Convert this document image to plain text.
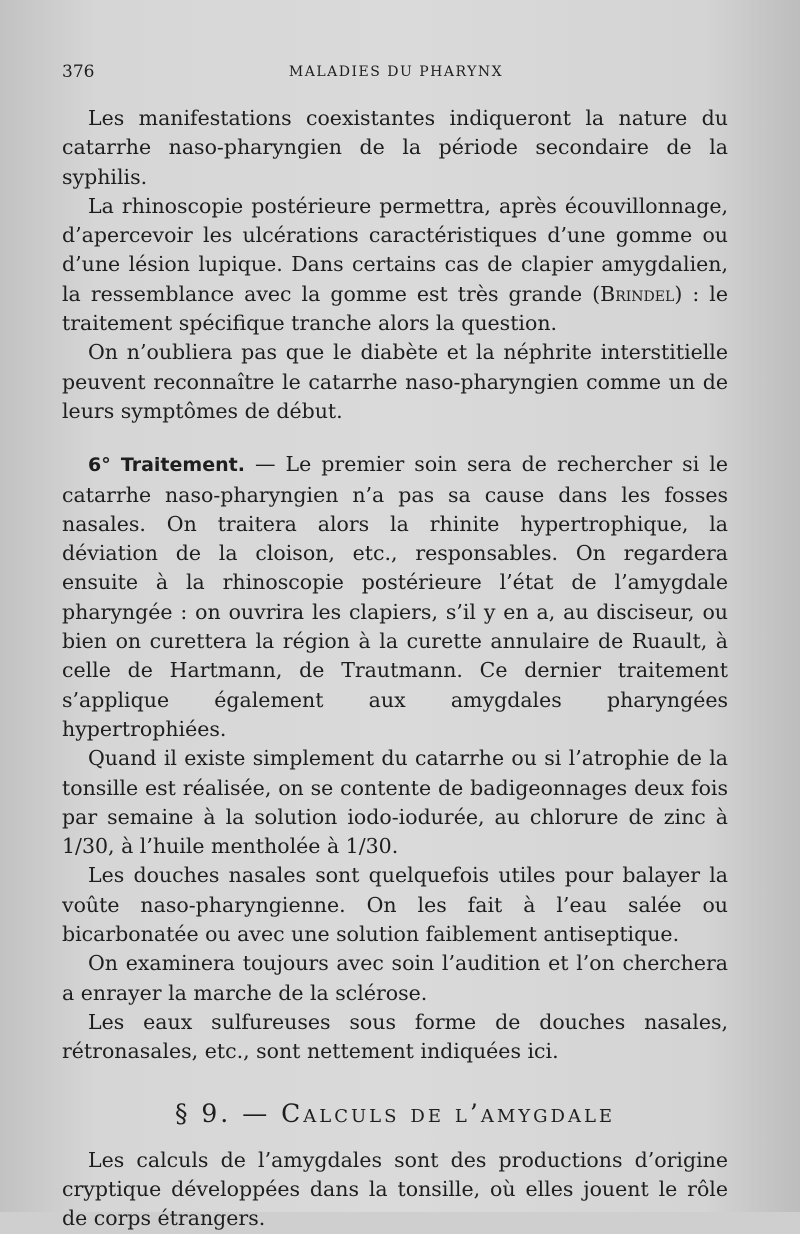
376	MALADIES DU PHARYNX

Les manifestations coexistantes indiqueront la nature du catarrhe naso-pharyngien de la période secondaire de la syphilis.

La rhinoscopie postérieure permettra, après écouvillonnage, d’apercevoir les ulcérations caractéristiques d’une gomme ou d’une lésion lupique. Dans certains cas de clapier amygdalien, la ressemblance avec la gomme est très grande (Brindel) : le traitement spécifique tranche alors la question.

On n’oubliera pas que le diabète et la néphrite interstitielle peuvent reconnaître le catarrhe naso-pharyngien comme un de leurs symptômes de début.

6° Traitement. — Le premier soin sera de rechercher si le catarrhe naso-pharyngien n’a pas sa cause dans les fosses nasales. On traitera alors la rhinite hypertrophique, la déviation de la cloison, etc., responsables. On regardera ensuite à la rhinoscopie postérieure l’état de l’amygdale pharyngée : on ouvrira les clapiers, s’il y en a, au disciseur, ou bien on curettera la région à la curette annulaire de Ruault, à celle de Hartmann, de Trautmann. Ce dernier traitement s’applique également aux amygdales pharyngées hypertrophiées.

Quand il existe simplement du catarrhe ou si l’atrophie de la tonsille est réalisée, on se contente de badigeonnages deux fois par semaine à la solution iodo-iodurée, au chlorure de zinc à 1/30, à l’huile mentholée à 1/30.

Les douches nasales sont quelquefois utiles pour balayer la voûte naso-pharyngienne. On les fait à l’eau salée ou bicarbonatée ou avec une solution faiblement antiseptique.

On examinera toujours avec soin l’audition et l’on cherchera a enrayer la marche de la sclérose.

Les eaux sulfureuses sous forme de douches nasales, rétronasales, etc., sont nettement indiquées ici.

§ 9. — Calculs de l’amygdale

Les calculs de l’amygdales sont des productions d’origine cryptique développées dans la tonsille, où elles jouent le rôle de corps étrangers.
